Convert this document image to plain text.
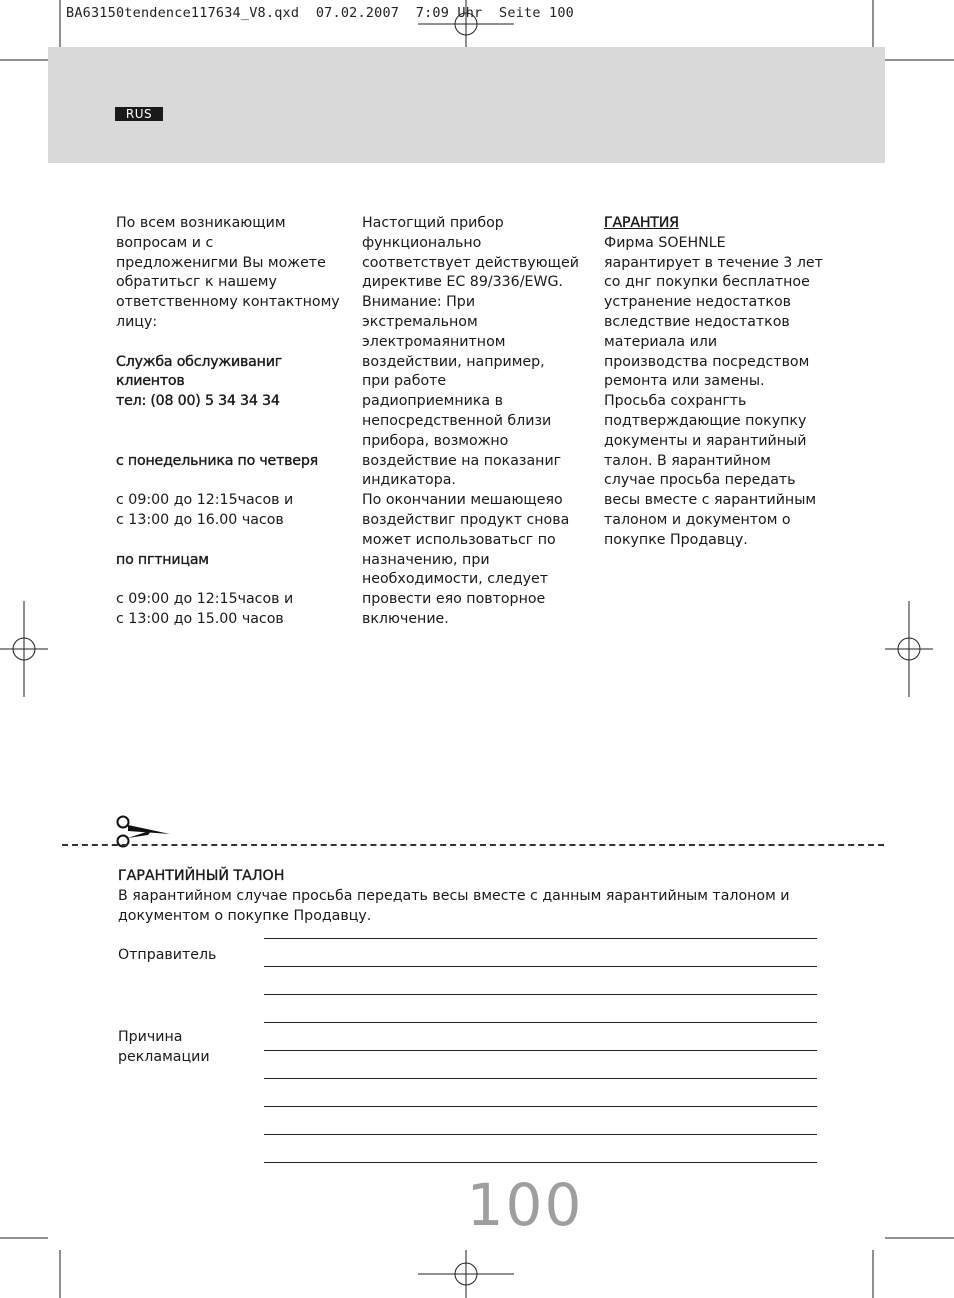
BA63150tendence117634_V8.qxd  07.02.2007  7:09 Uhr  Seite 100
RUS

По всем возникающим

вопросам и с

предложенигми Вы можете

обратитьсг к нашему

ответственному контактному

лицу:

Служба обслуживаниг

клиентов

тел: (08 00) 5 34 34 34

с понедельника по четверя

с 09:00 до 12:15часов и

с 13:00 до 16.00 часов

по пгтницам

с 09:00 до 12:15часов и

с 13:00 до 15.00 часов

Настогщий прибор

функционально

соответствует действующей

директиве EC 89/336/EWG.

Внимание: При

экстремальном

электромаянитном

воздействии, например,

при работе

радиоприемника в

непосредственной близи

прибора, возможно

воздействие на показаниг

индикатора.

По окончании мешающеяо

воздействиг продукт снова

может использоватьсг по

назначению, при

необходимости, следует

провести еяо повторное

включение.

ГАРАНТИЯ

Фирма SOEHNLE

яарантирует в течение 3 лет

со днг покупки бесплатное

устранение недостатков

вследствие недостатков

материала или

производства посредством

ремонта или замены.

Просьба сохрангть

подтверждающие покупку

документы и яарантийный

талон. В яарантийном

случае просьба передать

весы вместе с яарантийным

талоном и документом о

покупке Продавцу.

ГАРАНТИЙНЫЙ ТАЛОН
В яарантийном случае просьба передать весы вместе с данным яарантийным талоном и
документом о покупке Продавцу.
Отправитель
Причина
рекламации
100
